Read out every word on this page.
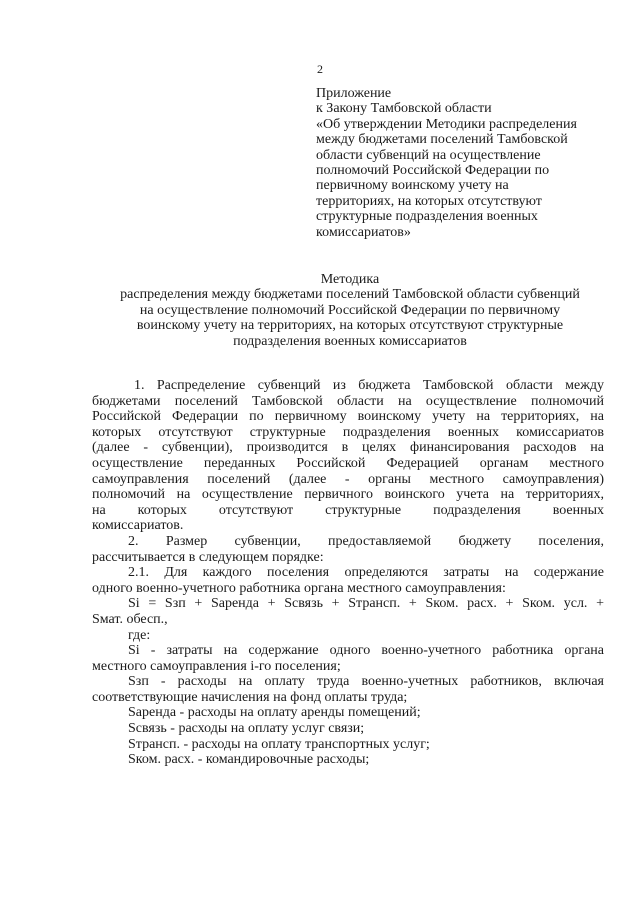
2
Приложение
к Закону Тамбовской области
«Об утверждении Методики распределения
между бюджетами поселений Тамбовской
области субвенций на осуществление
полномочий Российской Федерации по
первичному воинскому учету на
территориях, на которых отсутствуют
структурные подразделения военных
комиссариатов»
Методика
распределения между бюджетами поселений Тамбовской области субвенций
на осуществление полномочий Российской Федерации по первичному
воинскому учету на территориях, на которых отсутствуют структурные
подразделения военных комиссариатов
1. Распределение субвенций из бюджета Тамбовской области между
бюджетами поселений Тамбовской области на осуществление полномочий
Российской Федерации по первичному воинскому учету на территориях, на
которых отсутствуют структурные подразделения военных комиссариатов
(далее - субвенции), производится в целях финансирования расходов на
осуществление переданных Российской Федерацией органам местного
самоуправления поселений (далее - органы местного самоуправления)
полномочий на осуществление первичного воинского учета на территориях,
на которых отсутствуют структурные подразделения военных
комиссариатов.
2. Размер субвенции, предоставляемой бюджету поселения,
рассчитывается в следующем порядке:
2.1. Для каждого поселения определяются затраты на содержание
одного военно-учетного работника органа местного самоуправления:
Si = Sзп + Sаренда + Sсвязь + Sтрансп. + Sком. расх. + Sком. усл. +
Sмат. обесп.,
где:
Si - затраты на содержание одного военно-учетного работника органа
местного самоуправления i-го поселения;
Sзп - расходы на оплату труда военно-учетных работников, включая
соответствующие начисления на фонд оплаты труда;
Sаренда - расходы на оплату аренды помещений;
Sсвязь - расходы на оплату услуг связи;
Sтрансп. - расходы на оплату транспортных услуг;
Sком. расх. - командировочные расходы;
